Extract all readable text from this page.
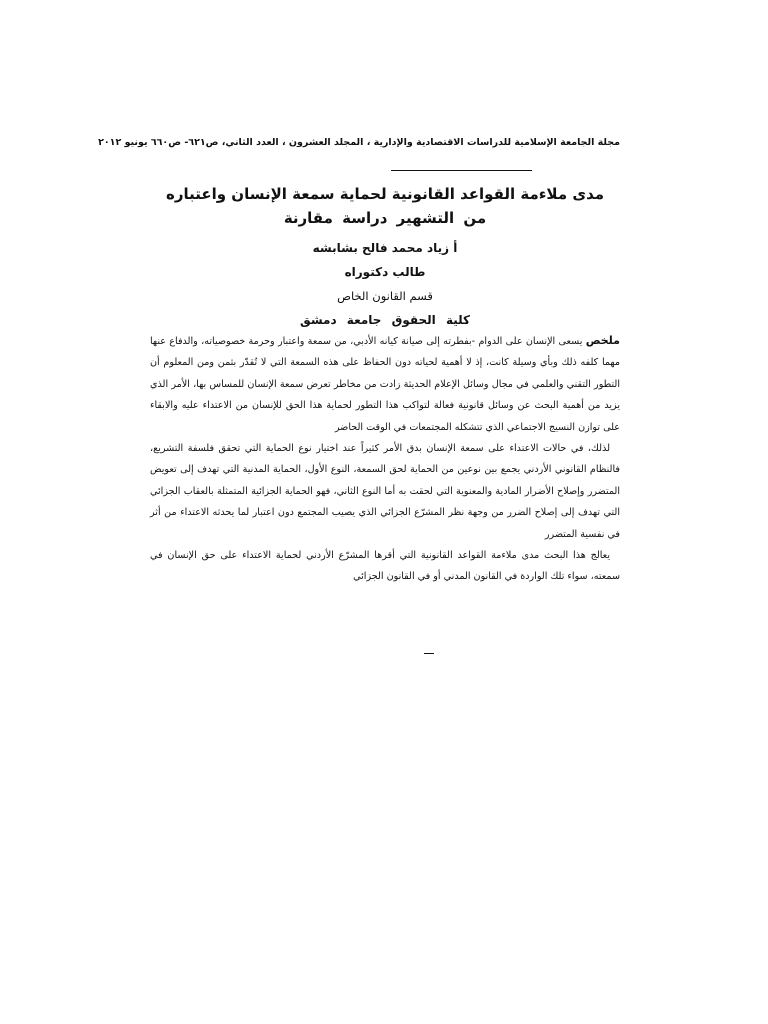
مجلة الجامعة الإسلامية للدراسات الاقتصادية والإدارية ، المجلد العشرون ، العدد الثاني، ص٦٢١- ص٦٦٠ يونيو ٢٠١٢

مدى ملاءمة القواعد القانونية لحماية سمعة الإنسان واعتباره

من التشهير دراسة مقارنة

أ زياد محمد فالح بشابشه

طالب دكتوراه

قسم القانون الخاص

كلية الحقوق جامعة دمشق

ملخص يسعى الإنسان على الدوام -بفطرته إلى صيانة كيانه الأدبي، من سمعة واعتبار وحرمة خصوصياته، والدفاع عنها مهما كلفه ذلك وبأي وسيلة كانت، إذ لا أهمية لحياته دون الحفاظ على هذه السمعة التي لا تُقدّر بثمن ومن المعلوم أن التطور التقني والعلمي في مجال وسائل الإعلام الحديثة زادت من مخاطر تعرض سمعة الإنسان للمساس بها، الأمر الذي يزيد من أهمية البحث عن وسائل قانونية فعالة لتواكب هذا التطور لحماية هذا الحق للإنسان من الاعتداء عليه والابقاء على توازن النسيج الاجتماعي الذي تتشكله المجتمعات في الوقت الحاضر

لذلك، في حالات الاعتداء على سمعة الإنسان بدق الأمر كثيراً عند اختيار نوع الحماية التي تحقق فلسفة التشريع، فالنظام القانوني الأردني يجمع بين نوعين من الحماية لحق السمعة، النوع الأول، الحماية المدنية التي تهدف إلى تعويض المتضرر وإصلاح الأضرار المادية والمعنوية التي لحقت به أما النوع الثاني، فهو الحماية الجزائية المتمثلة بالعقاب الجزائي التي تهدف إلى إصلاح الضرر من وجهة نظر المشرّع الجزائي الذي يصيب المجتمع دون اعتبار لما يحدثه الاعتداء من أثر في نفسية المتضرر

يعالج هذا البحث مدى ملاءمة القواعد القانونية التي أقرها المشرّع الأردني لحماية الاعتداء على حق الإنسان في سمعته، سواء تلك الواردة في القانون المدني أو في القانون الجزائي
